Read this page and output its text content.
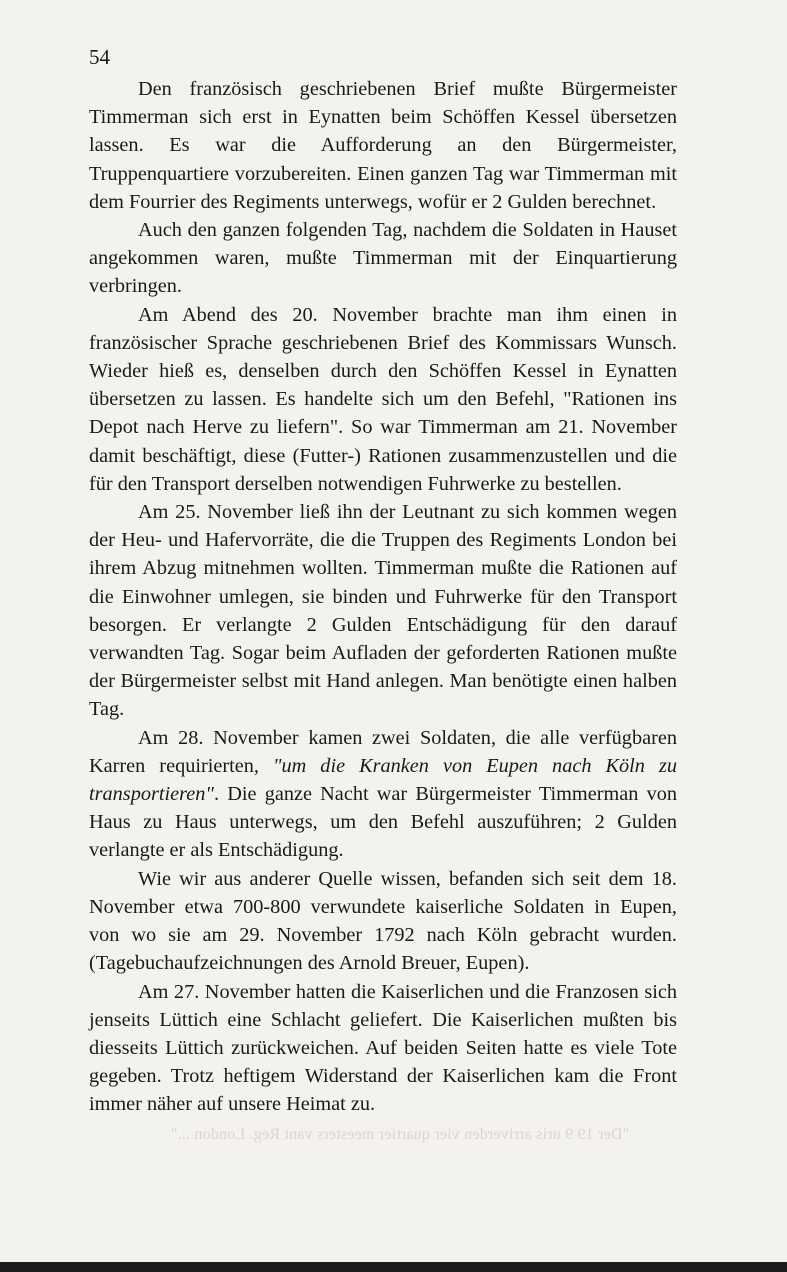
54

Den französisch geschriebenen Brief mußte Bürgermeister Timmerman sich erst in Eynatten beim Schöffen Kessel übersetzen lassen. Es war die Aufforderung an den Bürgermeister, Truppenquartiere vorzubereiten. Einen ganzen Tag war Timmerman mit dem Fourrier des Regiments unterwegs, wofür er 2 Gulden berechnet.

Auch den ganzen folgenden Tag, nachdem die Soldaten in Hauset angekommen waren, mußte Timmerman mit der Einquartierung verbringen.

Am Abend des 20. November brachte man ihm einen in französischer Sprache geschriebenen Brief des Kommissars Wunsch. Wieder hieß es, denselben durch den Schöffen Kessel in Eynatten übersetzen zu lassen. Es handelte sich um den Befehl, "Rationen ins Depot nach Herve zu liefern". So war Timmerman am 21. November damit beschäftigt, diese (Futter-) Rationen zusammenzustellen und die für den Transport derselben notwendigen Fuhrwerke zu bestellen.

Am 25. November ließ ihn der Leutnant zu sich kommen wegen der Heu- und Hafervorräte, die die Truppen des Regiments London bei ihrem Abzug mitnehmen wollten. Timmerman mußte die Rationen auf die Einwohner umlegen, sie binden und Fuhrwerke für den Transport besorgen. Er verlangte 2 Gulden Entschädigung für den darauf verwandten Tag. Sogar beim Aufladen der geforderten Rationen mußte der Bürgermeister selbst mit Hand anlegen. Man benötigte einen halben Tag.

Am 28. November kamen zwei Soldaten, die alle verfügbaren Karren requirierten, "um die Kranken von Eupen nach Köln zu transportieren". Die ganze Nacht war Bürgermeister Timmerman von Haus zu Haus unterwegs, um den Befehl auszuführen; 2 Gulden verlangte er als Entschädigung.

Wie wir aus anderer Quelle wissen, befanden sich seit dem 18. November etwa 700-800 verwundete kaiserliche Soldaten in Eupen, von wo sie am 29. November 1792 nach Köln gebracht wurden. (Tagebuchaufzeichnungen des Arnold Breuer, Eupen).

Am 27. November hatten die Kaiserlichen und die Franzosen sich jenseits Lüttich eine Schlacht geliefert. Die Kaiserlichen mußten bis diesseits Lüttich zurückweichen. Auf beiden Seiten hatte es viele Tote gegeben. Trotz heftigem Widerstand der Kaiserlichen kam die Front immer näher auf unsere Heimat zu.

"Der 19 9 uris arriverden vier quartier meesters vant Reg. London ..."
